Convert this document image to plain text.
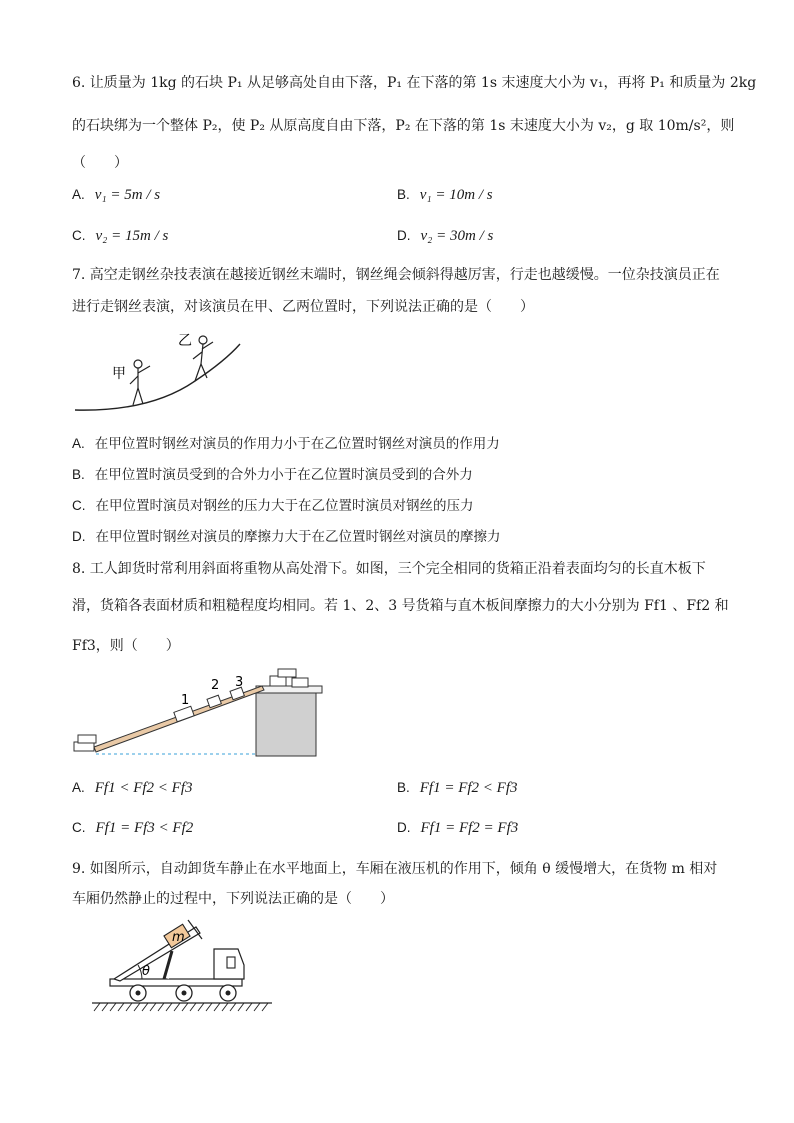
6. 让质量为 1kg 的石块 P₁ 从足够高处自由下落，P₁ 在下落的第 1s 末速度大小为 v₁，再将 P₁ 和质量为 2kg
的石块绑为一个整体 P₂，使 P₂ 从原高度自由下落，P₂ 在下落的第 1s 末速度大小为 v₂，g 取 10m/s²，则
（　　）
A. v₁ = 5m / s	B. v₁ = 10m / s
C. v₂ = 15m / s	D. v₂ = 30m / s
7. 高空走钢丝杂技表演在越接近钢丝末端时，钢丝绳会倾斜得越厉害，行走也越缓慢。一位杂技演员正在
进行走钢丝表演，对该演员在甲、乙两位置时，下列说法正确的是（　　）
甲
乙
A. 在甲位置时钢丝对演员的作用力小于在乙位置时钢丝对演员的作用力
B. 在甲位置时演员受到的合外力小于在乙位置时演员受到的合外力
C. 在甲位置时演员对钢丝的压力大于在乙位置时演员对钢丝的压力
D. 在甲位置时钢丝对演员的摩擦力大于在乙位置时钢丝对演员的摩擦力
8. 工人卸货时常利用斜面将重物从高处滑下。如图，三个完全相同的货箱正沿着表面均匀的长直木板下
滑，货箱各表面材质和粗糙程度均相同。若 1、2、3 号货箱与直木板间摩擦力的大小分别为 Ff1 、Ff2 和
Ff3，则（　　）
1
2 3
A. Ff1 < Ff2 < Ff3	B. Ff1 = Ff2 < Ff3
C. Ff1 = Ff3 < Ff2	D. Ff1 = Ff2 = Ff3
9. 如图所示，自动卸货车静止在水平地面上，车厢在液压机的作用下，倾角 θ 缓慢增大，在货物 m 相对
车厢仍然静止的过程中，下列说法正确的是（　　）
θ
m
